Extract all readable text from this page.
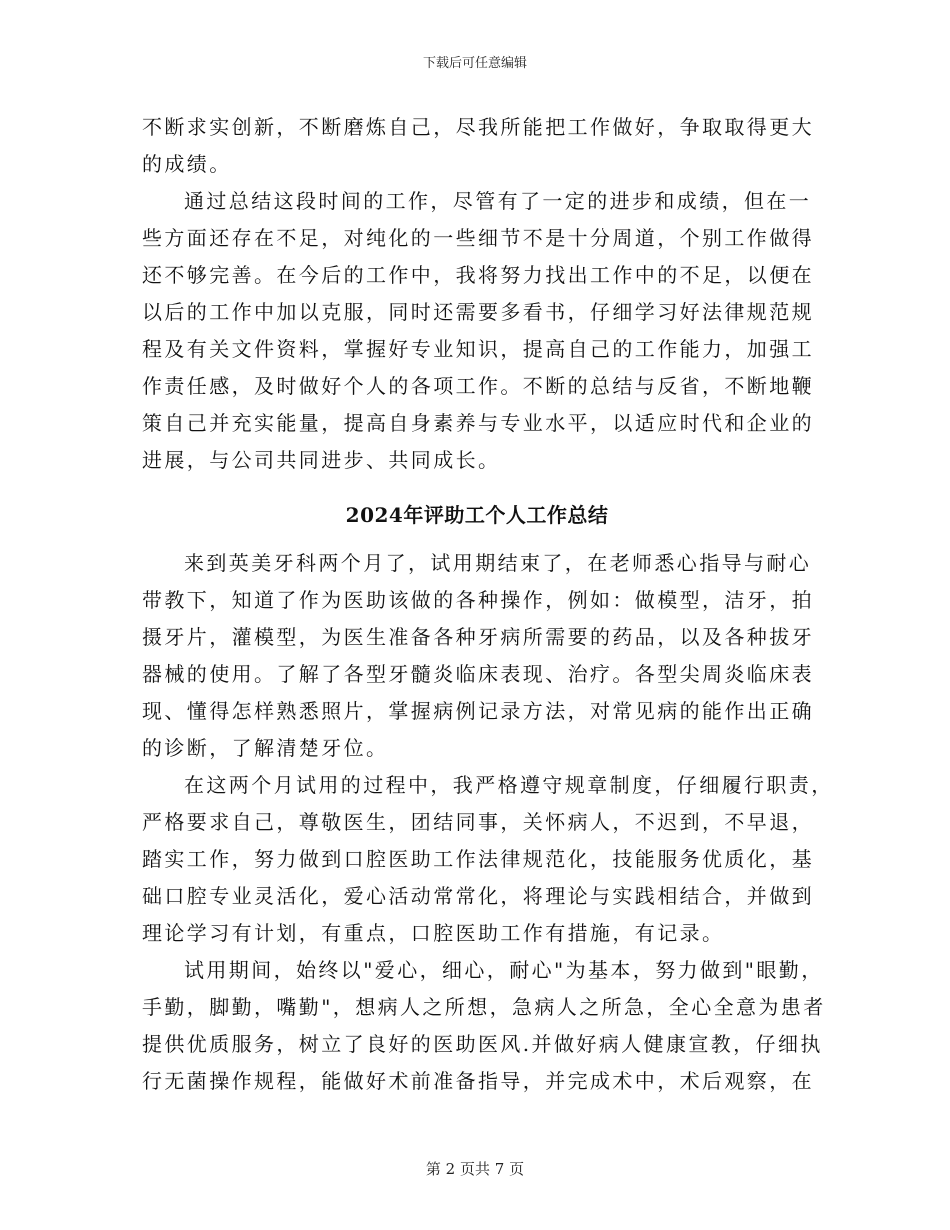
下载后可任意编辑
不断求实创新，不断磨炼自己，尽我所能把工作做好，争取取得更大
的成绩。
通过总结这段时间的工作，尽管有了一定的进步和成绩，但在一
些方面还存在不足，对纯化的一些细节不是十分周道，个别工作做得
还不够完善。在今后的工作中，我将努力找出工作中的不足，以便在
以后的工作中加以克服，同时还需要多看书，仔细学习好法律规范规
程及有关文件资料，掌握好专业知识，提高自己的工作能力，加强工
作责任感，及时做好个人的各项工作。不断的总结与反省，不断地鞭
策自己并充实能量，提高自身素养与专业水平，以适应时代和企业的
进展，与公司共同进步、共同成长。
2024年评助工个人工作总结
来到英美牙科两个月了，试用期结束了，在老师悉心指导与耐心
带教下，知道了作为医助该做的各种操作，例如：做模型，洁牙，拍
摄牙片，灌模型，为医生准备各种牙病所需要的药品，以及各种拔牙
器械的使用。了解了各型牙髓炎临床表现、治疗。各型尖周炎临床表
现、懂得怎样熟悉照片，掌握病例记录方法，对常见病的能作出正确
的诊断，了解清楚牙位。
在这两个月试用的过程中，我严格遵守规章制度，仔细履行职责，
严格要求自己，尊敬医生，团结同事，关怀病人，不迟到，不早退，
踏实工作，努力做到口腔医助工作法律规范化，技能服务优质化，基
础口腔专业灵活化，爱心活动常常化，将理论与实践相结合，并做到
理论学习有计划，有重点，口腔医助工作有措施，有记录。
试用期间，始终以"爱心，细心，耐心"为基本，努力做到"眼勤，
手勤，脚勤，嘴勤"，想病人之所想，急病人之所急，全心全意为患者
提供优质服务，树立了良好的医助医风.并做好病人健康宣教，仔细执
行无菌操作规程，能做好术前准备指导，并完成术中，术后观察，在
第 2 页共 7 页
